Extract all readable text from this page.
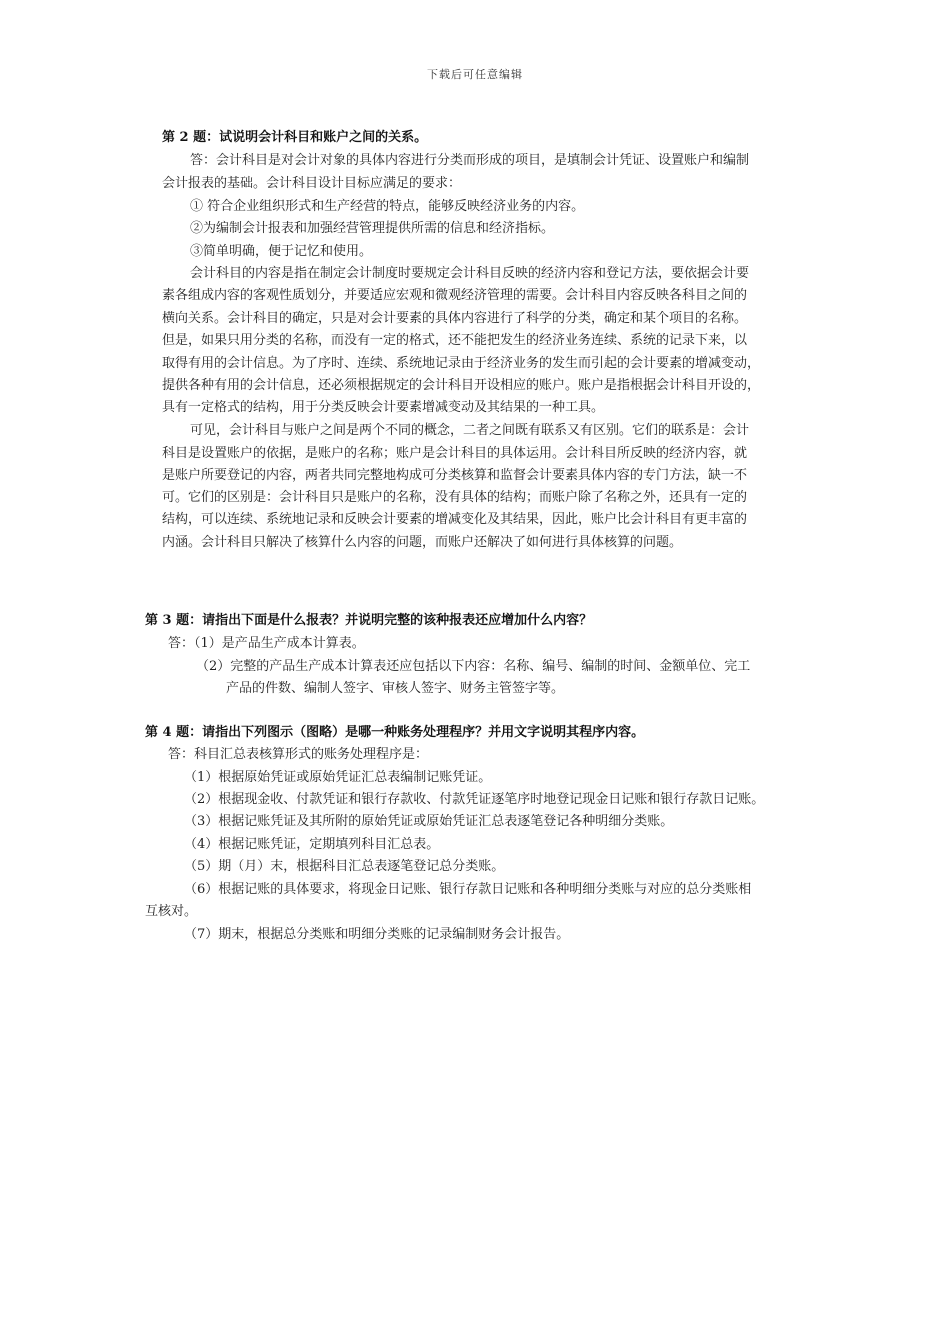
下载后可任意编辑
第 2 题：试说明会计科目和账户之间的关系。
答：会计科目是对会计对象的具体内容进行分类而形成的项目，是填制会计凭证、设置账户和编制
会计报表的基础。会计科目设计目标应满足的要求：
① 符合企业组织形式和生产经营的特点，能够反映经济业务的内容。
②为编制会计报表和加强经营管理提供所需的信息和经济指标。
③简单明确，便于记忆和使用。
会计科目的内容是指在制定会计制度时要规定会计科目反映的经济内容和登记方法，要依据会计要
素各组成内容的客观性质划分，并要适应宏观和微观经济管理的需要。会计科目内容反映各科目之间的
横向关系。会计科目的确定，只是对会计要素的具体内容进行了科学的分类，确定和某个项目的名称。
但是，如果只用分类的名称，而没有一定的格式，还不能把发生的经济业务连续、系统的记录下来，以
取得有用的会计信息。为了序时、连续、系统地记录由于经济业务的发生而引起的会计要素的增减变动，
提供各种有用的会计信息，还必须根据规定的会计科目开设相应的账户。账户是指根据会计科目开设的，
具有一定格式的结构，用于分类反映会计要素增减变动及其结果的一种工具。
可见，会计科目与账户之间是两个不同的概念，二者之间既有联系又有区别。它们的联系是：会计
科目是设置账户的依据，是账户的名称；账户是会计科目的具体运用。会计科目所反映的经济内容，就
是账户所要登记的内容，两者共同完整地构成可分类核算和监督会计要素具体内容的专门方法，缺一不
可。它们的区别是：会计科目只是账户的名称，没有具体的结构；而账户除了名称之外，还具有一定的
结构，可以连续、系统地记录和反映会计要素的增减变化及其结果，因此，账户比会计科目有更丰富的
内涵。会计科目只解决了核算什么内容的问题，而账户还解决了如何进行具体核算的问题。
第 3 题：请指出下面是什么报表？并说明完整的该种报表还应增加什么内容？
答：（1）是产品生产成本计算表。
（2）完整的产品生产成本计算表还应包括以下内容：名称、编号、编制的时间、金额单位、完工
产品的件数、编制人签字、审核人签字、财务主管签字等。
第 4 题：请指出下列图示（图略）是哪一种账务处理程序？并用文字说明其程序内容。
答：科目汇总表核算形式的账务处理程序是：
（1）根据原始凭证或原始凭证汇总表编制记账凭证。
（2）根据现金收、付款凭证和银行存款收、付款凭证逐笔序时地登记现金日记账和银行存款日记账。
（3）根据记账凭证及其所附的原始凭证或原始凭证汇总表逐笔登记各种明细分类账。
（4）根据记账凭证，定期填列科目汇总表。
（5）期（月）末，根据科目汇总表逐笔登记总分类账。
（6）根据记账的具体要求，将现金日记账、银行存款日记账和各种明细分类账与对应的总分类账相
互核对。
（7）期末，根据总分类账和明细分类账的记录编制财务会计报告。
